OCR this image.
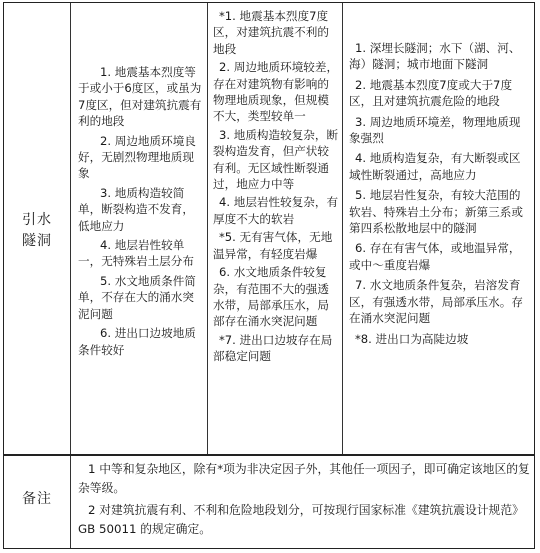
引水
隧洞

1. 地震基本烈度等于或小于6度区，或虽为7度区，但对建筑抗震有利的地段

2. 周边地质环境良好，无剧烈物理地质现象

3. 地质构造较简单，断裂构造不发育，低地应力

4. 地层岩性较单一，无特殊岩土层分布

5. 水文地质条件简单，不存在大的涌水突泥问题

6. 进出口边坡地质条件较好

*1. 地震基本烈度7度区，对建筑抗震不利的地段

2. 周边地质环境较差，存在对建筑物有影响的物理地质现象，但规模不大，类型较单一

3. 地质构造较复杂，断裂构造发育，但产状较有利。无区域性断裂通过，地应力中等

4. 地层岩性较复杂，有厚度不大的软岩

*5. 无有害气体，无地温异常，有轻度岩爆

6. 水文地质条件较复杂，有范围不大的强透水带，局部承压水，局部存在涌水突泥问题

*7. 进出口边坡存在局部稳定问题

1. 深埋长隧洞；水下（湖、河、海）隧洞；城市地面下隧洞

2. 地震基本烈度7度或大于7度区，且对建筑抗震危险的地段

3. 周边地质环境差，物理地质现象强烈

4. 地质构造复杂，有大断裂或区域性断裂通过，高地应力

5. 地层岩性复杂，有较大范围的软岩、特殊岩土分布；新第三系或第四系松散地层中的隧洞

6. 存在有害气体，或地温异常，或中～重度岩爆

7. 水文地质条件复杂，岩溶发育区，有强透水带，局部承压水。存在涌水突泥问题

*8. 进出口为高陡边坡

备注

1 中等和复杂地区，除有*项为非决定因子外，其他任一项因子，即可确定该地区的复杂等级。

2 对建筑抗震有利、不利和危险地段划分，可按现行国家标准《建筑抗震设计规范》GB 50011 的规定确定。
